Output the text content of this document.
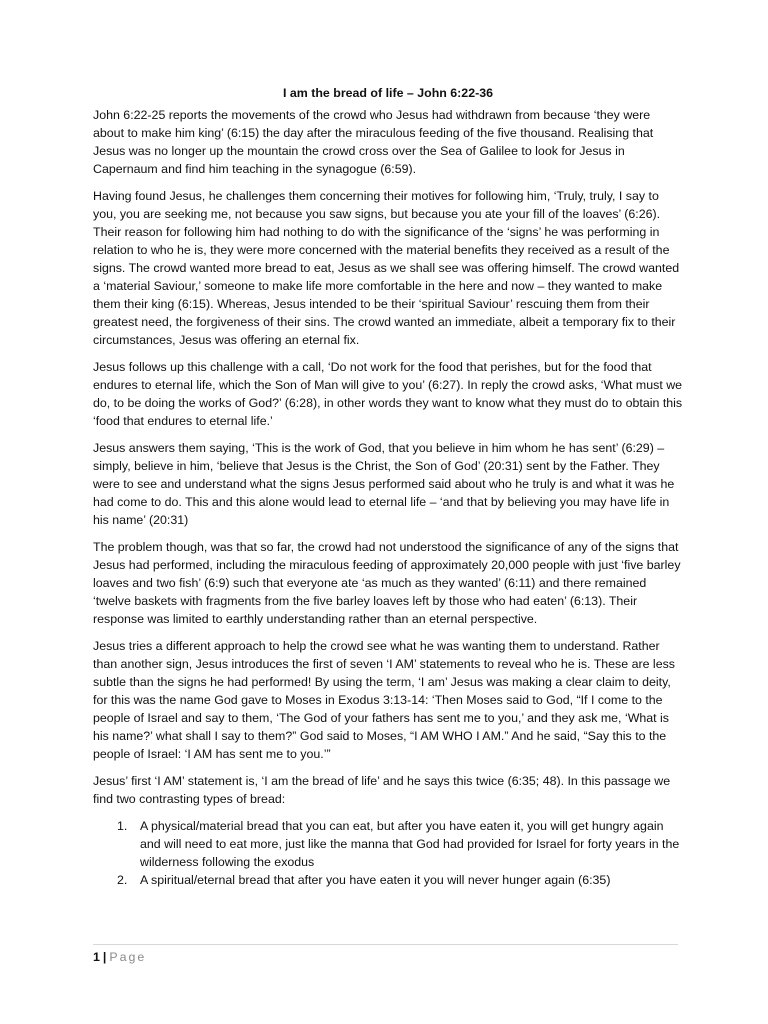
I am the bread of life – John 6:22-36

John 6:22-25 reports the movements of the crowd who Jesus had withdrawn from because ‘they were about to make him king’ (6:15) the day after the miraculous feeding of the five thousand. Realising that Jesus was no longer up the mountain the crowd cross over the Sea of Galilee to look for Jesus in Capernaum and find him teaching in the synagogue (6:59).

Having found Jesus, he challenges them concerning their motives for following him, ‘Truly, truly, I say to you, you are seeking me, not because you saw signs, but because you ate your fill of the loaves’ (6:26). Their reason for following him had nothing to do with the significance of the ‘signs’ he was performing in relation to who he is, they were more concerned with the material benefits they received as a result of the signs. The crowd wanted more bread to eat, Jesus as we shall see was offering himself. The crowd wanted a ‘material Saviour,’ someone to make life more comfortable in the here and now – they wanted to make them their king (6:15). Whereas, Jesus intended to be their ‘spiritual Saviour’ rescuing them from their greatest need, the forgiveness of their sins. The crowd wanted an immediate, albeit a temporary fix to their circumstances, Jesus was offering an eternal fix.

Jesus follows up this challenge with a call, ‘Do not work for the food that perishes, but for the food that endures to eternal life, which the Son of Man will give to you’ (6:27). In reply the crowd asks, ‘What must we do, to be doing the works of God?’ (6:28), in other words they want to know what they must do to obtain this ‘food that endures to eternal life.’

Jesus answers them saying, ‘This is the work of God, that you believe in him whom he has sent’ (6:29) – simply, believe in him, ‘believe that Jesus is the Christ, the Son of God’ (20:31) sent by the Father. They were to see and understand what the signs Jesus performed said about who he truly is and what it was he had come to do. This and this alone would lead to eternal life – ‘and that by believing you may have life in his name’ (20:31)

The problem though, was that so far, the crowd had not understood the significance of any of the signs that Jesus had performed, including the miraculous feeding of approximately 20,000 people with just ‘five barley loaves and two fish’ (6:9) such that everyone ate ‘as much as they wanted’ (6:11) and there remained ‘twelve baskets with fragments from the five barley loaves left by those who had eaten’ (6:13). Their response was limited to earthly understanding rather than an eternal perspective.

Jesus tries a different approach to help the crowd see what he was wanting them to understand. Rather than another sign, Jesus introduces the first of seven ‘I AM’ statements to reveal who he is. These are less subtle than the signs he had performed! By using the term, ‘I am’ Jesus was making a clear claim to deity, for this was the name God gave to Moses in Exodus 3:13-14: ‘Then Moses said to God, “If I come to the people of Israel and say to them, ‘The God of your fathers has sent me to you,’ and they ask me, ‘What is his name?’ what shall I say to them?” God said to Moses, “I AM WHO I AM.” And he said, “Say this to the people of Israel: ‘I AM has sent me to you.’”

Jesus’ first ‘I AM’ statement is, ‘I am the bread of life’ and he says this twice (6:35; 48). In this passage we find two contrasting types of bread:

1. A physical/material bread that you can eat, but after you have eaten it, you will get hungry again and will need to eat more, just like the manna that God had provided for Israel for forty years in the wilderness following the exodus
2. A spiritual/eternal bread that after you have eaten it you will never hunger again (6:35)
1 | Page
